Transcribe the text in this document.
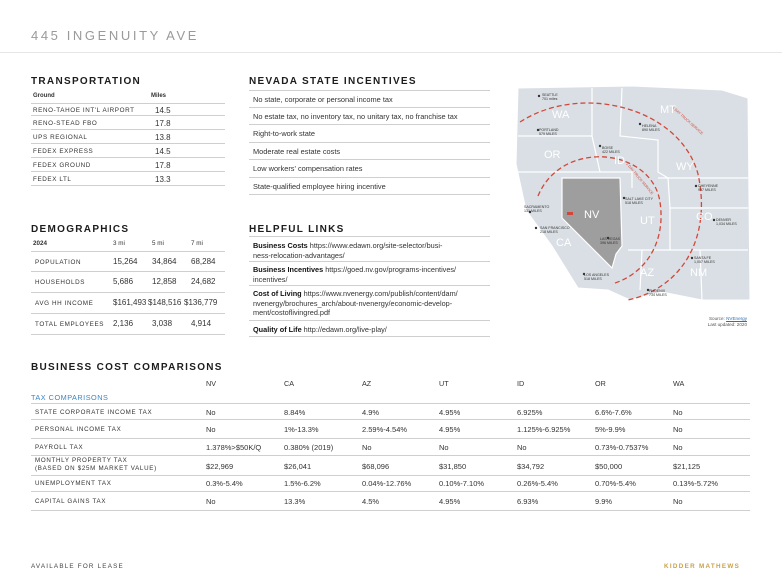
445 INGENUITY AVE
TRANSPORTATION
Ground	Miles
RENO-TAHOE INT'L AIRPORT	14.5
RENO-STEAD FBO	17.8
UPS REGIONAL	13.8
FEDEX EXPRESS	14.5
FEDEX GROUND	17.8
FEDEX LTL	13.3
DEMOGRAPHICS
2024	3 mi	5 mi	7 mi
POPULATION	15,264 34,864 68,284
HOUSEHOLDS	5,686 12,858 24,682
AVG HH INCOME $161,493 $148,516 $136,779
TOTAL EMPLOYEES 2,136 3,038 4,914
NEVADA STATE INCENTIVES
No state, corporate or personal income tax
No estate tax, no inventory tax, no unitary tax, no franchise tax
Right-to-work state
Moderate real estate costs
Low workers' compensation rates
State-qualified employee hiring incentive
HELPFUL LINKS
Business Costs https://www.edawn.org/site-selector/busi-
ness-relocation-advantages/
Business Incentives https://goed.nv.gov/programs-incentives/
incentives/
Cost of Living https://www.nvenergy.com/publish/content/dam/
nvenergy/brochures_arch/about-nvenergy/economic-develop-
ment/costoflivingred.pdf
Quality of Life http://edawn.org/live-play/
1 DAY TRUCK SERVICE
1 DAY TRUCK SERVICE
WA	MT
OR	ID	WY
NV	UT	CO
CA
AZ	NM
SEATTLE
701 miles
PORTLAND
579 MILES
HELENA
890 MILES
BOISE
422 MILES
CHEYENNE
997 MILES
SACRAMENTO
131 MILES
SALT LAKE CITY
518 MILES
DENVER
1,034 MILES
SAN FRANCISCO
218 MILES
LAS VEGAS
396 MILES
SANTA FE
1,057 MILES
LOS ANGELES
518 MILES
PHOENIX
734 MILES
Source: NVEnergy
Last updated: 2020
BUSINESS COST COMPARISONS
NV	CA	AZ	UT	ID	OR	WA
TAX COMPARISONS
STATE CORPORATE INCOME TAX	No	8.84%	4.9%	4.95%	6.925%	6.6%-7.6%	No
PERSONAL INCOME TAX	No	1%-13.3%	2.59%-4.54%	4.95%	1.125%-6.925%	5%-9.9%	No
PAYROLL TAX	1.378%>$50K/Q	0.380% (2019)	No	No	No	0.73%-0.7537%	No
MONTHLY PROPERTY TAX
(BASED ON $25M MARKET VALUE)	$22,969	$26,041	$68,096	$31,850	$34,792	$50,000	$21,125
UNEMPLOYMENT TAX	0.3%-5.4%	1.5%-6.2%	0.04%-12.76%	0.10%-7.10%	0.26%-5.4%	0.70%-5.4%	0.13%-5.72%
CAPITAL GAINS TAX	No	13.3%	4.5%	4.95%	6.93%	9.9%	No
AVAILABLE FOR LEASE	KIDDER MATHEWS
